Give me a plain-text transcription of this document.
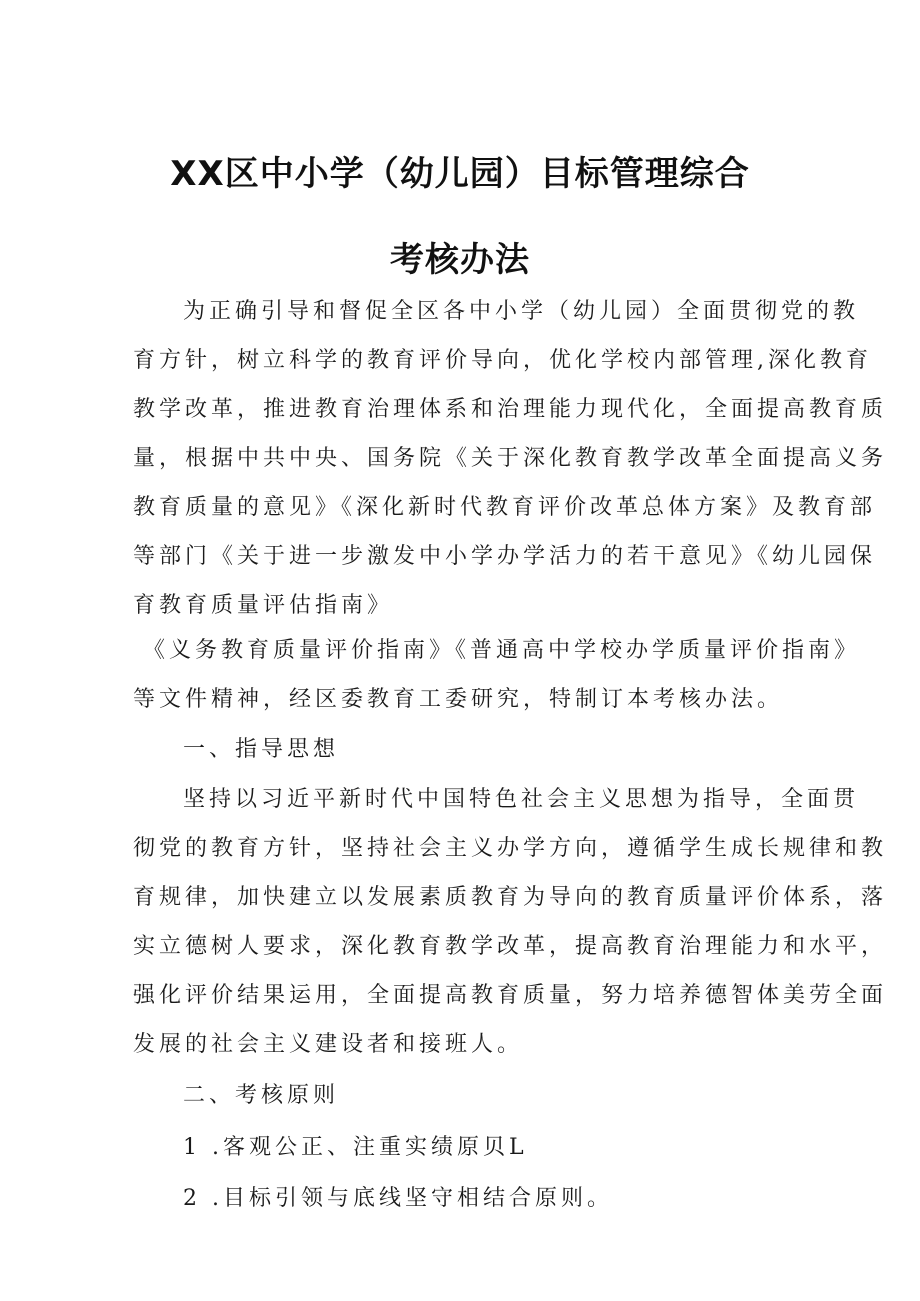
XX区中小学（幼儿园）目标管理综合
考核办法
为正确引导和督促全区各中小学（幼儿园）全面贯彻党的教
育方针，树立科学的教育评价导向，优化学校内部管理,深化教育
教学改革，推进教育治理体系和治理能力现代化，全面提高教育质
量，根据中共中央、国务院《关于深化教育教学改革全面提高义务
教育质量的意见》《深化新时代教育评价改革总体方案》及教育部
等部门《关于进一步激发中小学办学活力的若干意见》《幼儿园保
育教育质量评估指南》
《义务教育质量评价指南》《普通高中学校办学质量评价指南》
等文件精神，经区委教育工委研究，特制订本考核办法。
一、指导思想
坚持以习近平新时代中国特色社会主义思想为指导，全面贯
彻党的教育方针，坚持社会主义办学方向，遵循学生成长规律和教
育规律，加快建立以发展素质教育为导向的教育质量评价体系，落
实立德树人要求，深化教育教学改革，提高教育治理能力和水平，
强化评价结果运用，全面提高教育质量，努力培养德智体美劳全面
发展的社会主义建设者和接班人。
二、考核原则
1 .客观公正、注重实绩原贝L
2 .目标引领与底线坚守相结合原则。
